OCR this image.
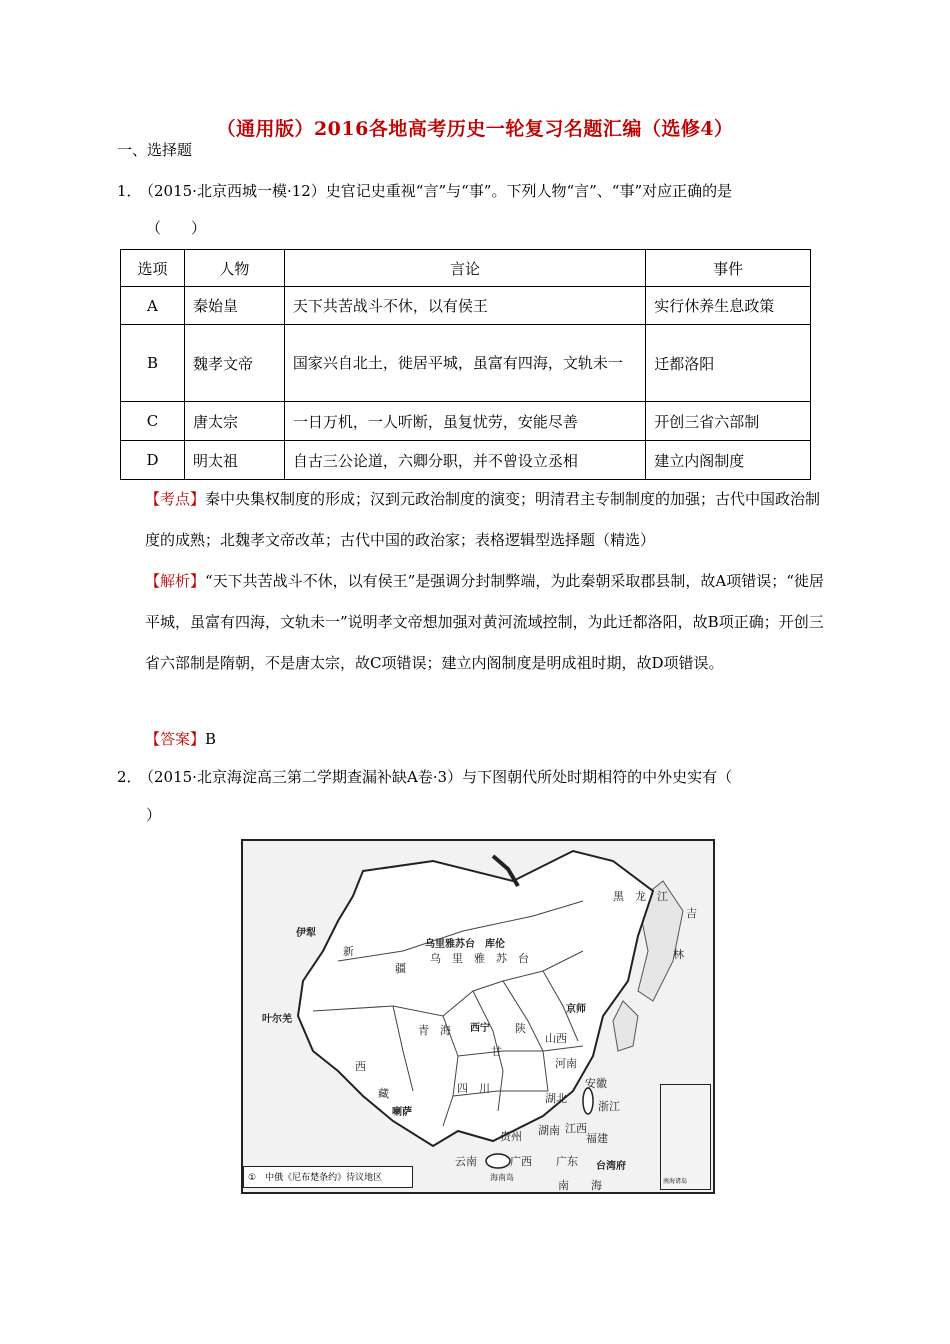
（通用版）2016各地高考历史一轮复习名题汇编（选修4）
一、选择题
1．（2015·北京西城一模·12）史官记史重视“言”与“事”。下列人物“言”、“事”对应正确的是
（　　）
选项	人物	言论	事件
A	秦始皇	天下共苦战斗不休，以有侯王	实行休养生息政策
B	魏孝文帝	国家兴自北土，徙居平城，虽富有四海，文轨未一	迁都洛阳
C	唐太宗	一日万机，一人听断，虽复忧劳，安能尽善	开创三省六部制
D	明太祖	自古三公论道，六卿分职，并不曾设立丞相	建立内阁制度
【考点】秦中央集权制度的形成；汉到元政治制度的演变；明清君主专制制度的加强；古代中国政治制度的成熟；北魏孝文帝改革；古代中国的政治家；表格逻辑型选择题（精选）
【解析】“天下共苦战斗不休，以有侯王”是强调分封制弊端，为此秦朝采取郡县制，故A项错误；“徙居平城，虽富有四海，文轨未一”说明孝文帝想加强对黄河流域控制，为此迁都洛阳，故B项正确；开创三省六部制是隋朝，不是唐太宗，故C项错误；建立内阁制度是明成祖时期，故D项错误。
【答案】B
2．（2015·北京海淀高三第二学期查漏补缺A卷·3）与下图朝代所处时期相符的中外史实有（
）
黑　龙　江
吉
林
伊犁
新
疆
乌里雅苏台 库伦
乌　里　雅　苏　台
京师
青　海 西宁
西
藏
喇萨
四　川
陕
甘
山西
河南
安徽
湖北
湖南 江西
浙江
福建
贵州
广西 广东
云南	台湾府
南　　海
海南岛
叶尔羌
①　中俄《尼布楚条约》待议地区	南海诸岛
